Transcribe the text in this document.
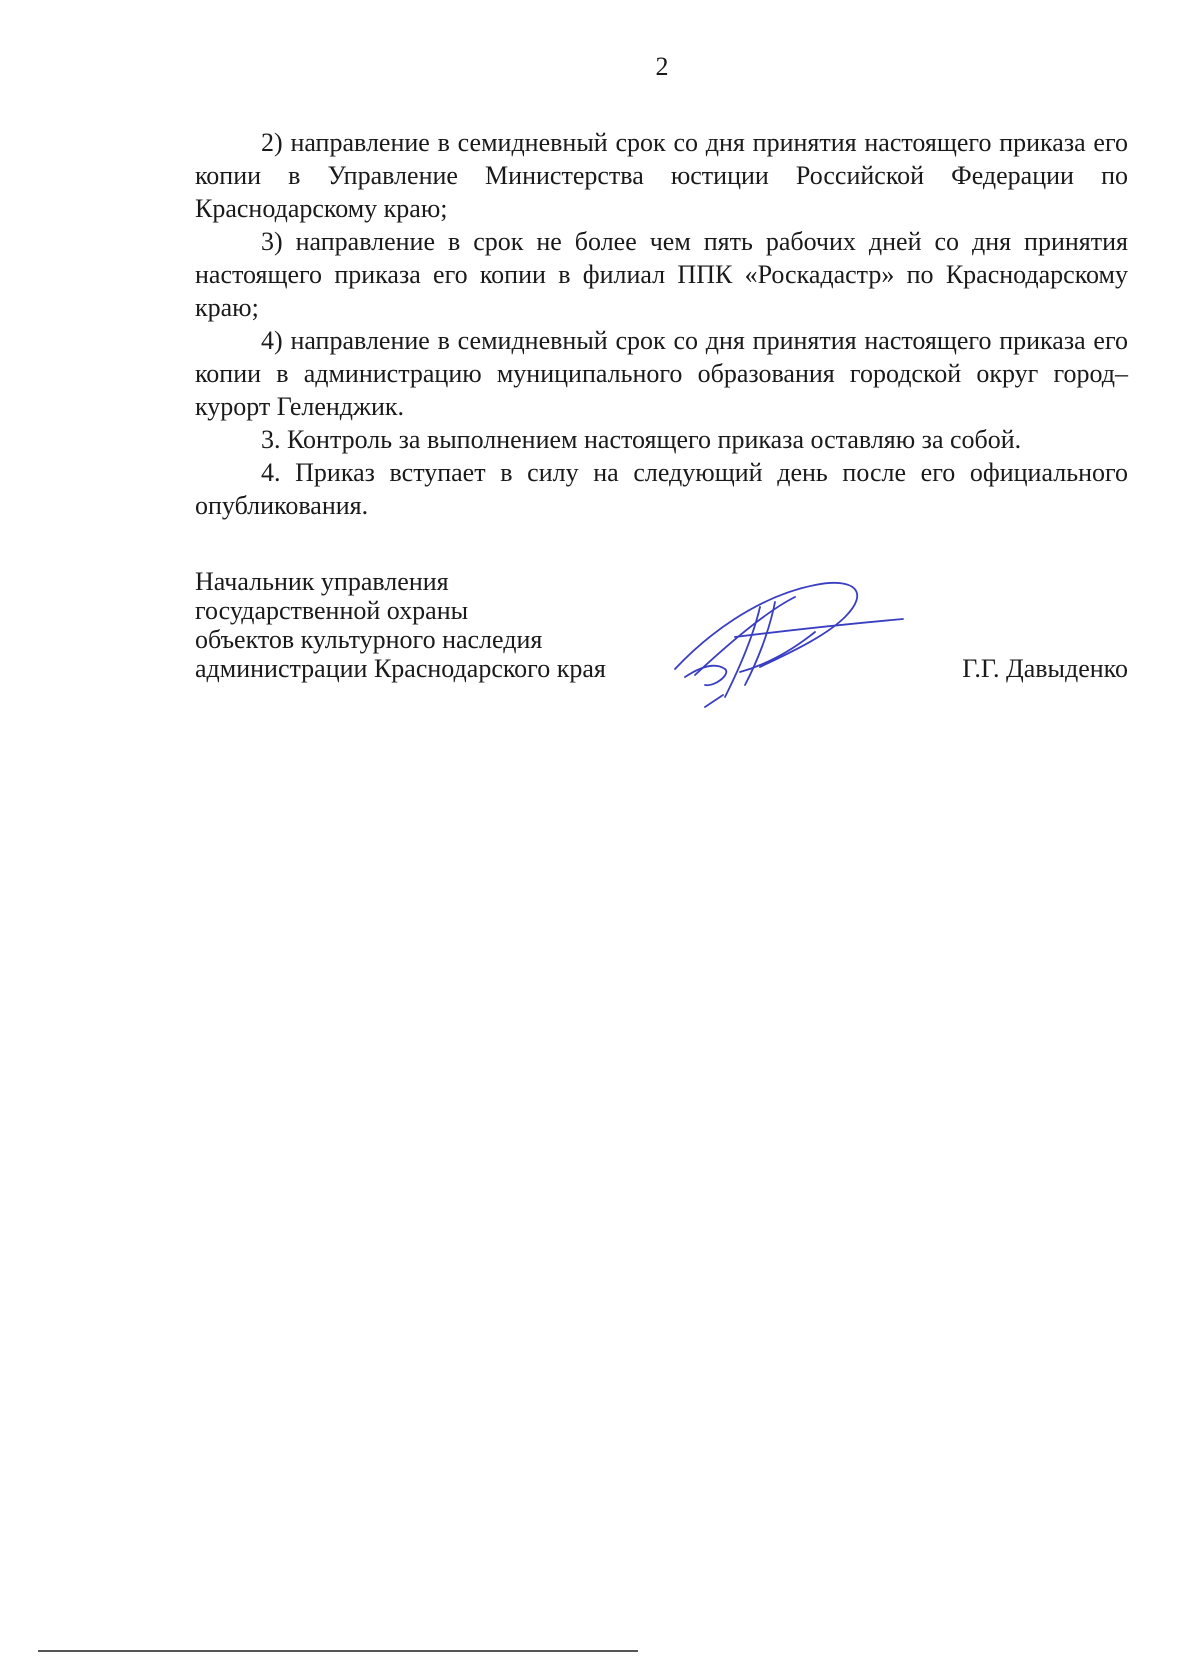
2

2) направление в семидневный срок со дня принятия настоящего приказа его копии в Управление Министерства юстиции Российской Федерации по Краснодарскому краю;

3) направление в срок не более чем пять рабочих дней со дня принятия настоящего приказа его копии в филиал ППК «Роскадастр» по Краснодарскому краю;

4) направление в семидневный срок со дня принятия настоящего приказа его копии в администрацию муниципального образования городской округ город–курорт Геленджик.

3. Контроль за выполнением настоящего приказа оставляю за собой.

4. Приказ вступает в силу на следующий день после его официального опубликования.

Начальник управления
государственной охраны
объектов культурного наследия
администрации Краснодарского края	Г.Г. Давыденко
